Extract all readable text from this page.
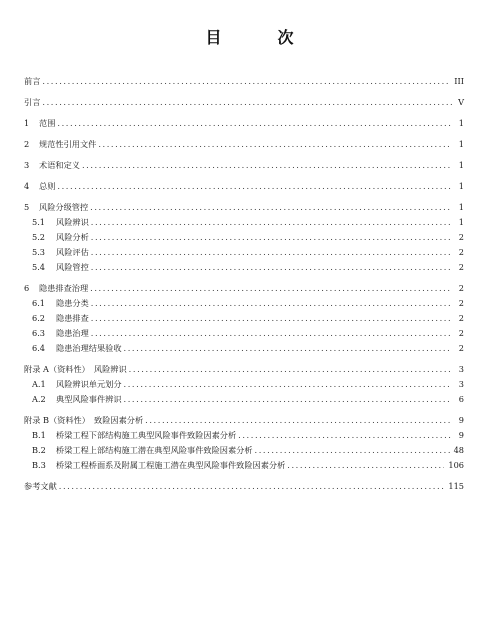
目　次
前言 .....	III
引言 .....	V
1	范围 .....	1
2	规范性引用文件 .....	1
3	术语和定义 .....	1
4	总则 .....	1
5	风险分级管控 .....	1
5.1	风险辨识 .....	1
5.2	风险分析 .....	2
5.3	风险评估 .....	2
5.4	风险管控 .....	2
6	隐患排查治理 .....	2
6.1	隐患分类 .....	2
6.2	隐患排查 .....	2
6.3	隐患治理 .....	2
6.4	隐患治理结果验收 .....	2
附录 A（资料性）　风险辨识 .....	3
A.1	风险辨识单元划分 .....	3
A.2	典型风险事件辨识 .....	6
附录 B（资料性）　致险因素分析 .....	9
B.1	桥梁工程下部结构施工典型风险事件致险因素分析 .....	9
B.2	桥梁工程上部结构施工潜在典型风险事件致险因素分析 .....	48
B.3	桥梁工程桥面系及附属工程施工潜在典型风险事件致险因素分析 .....	106
参考文献 .....	115
